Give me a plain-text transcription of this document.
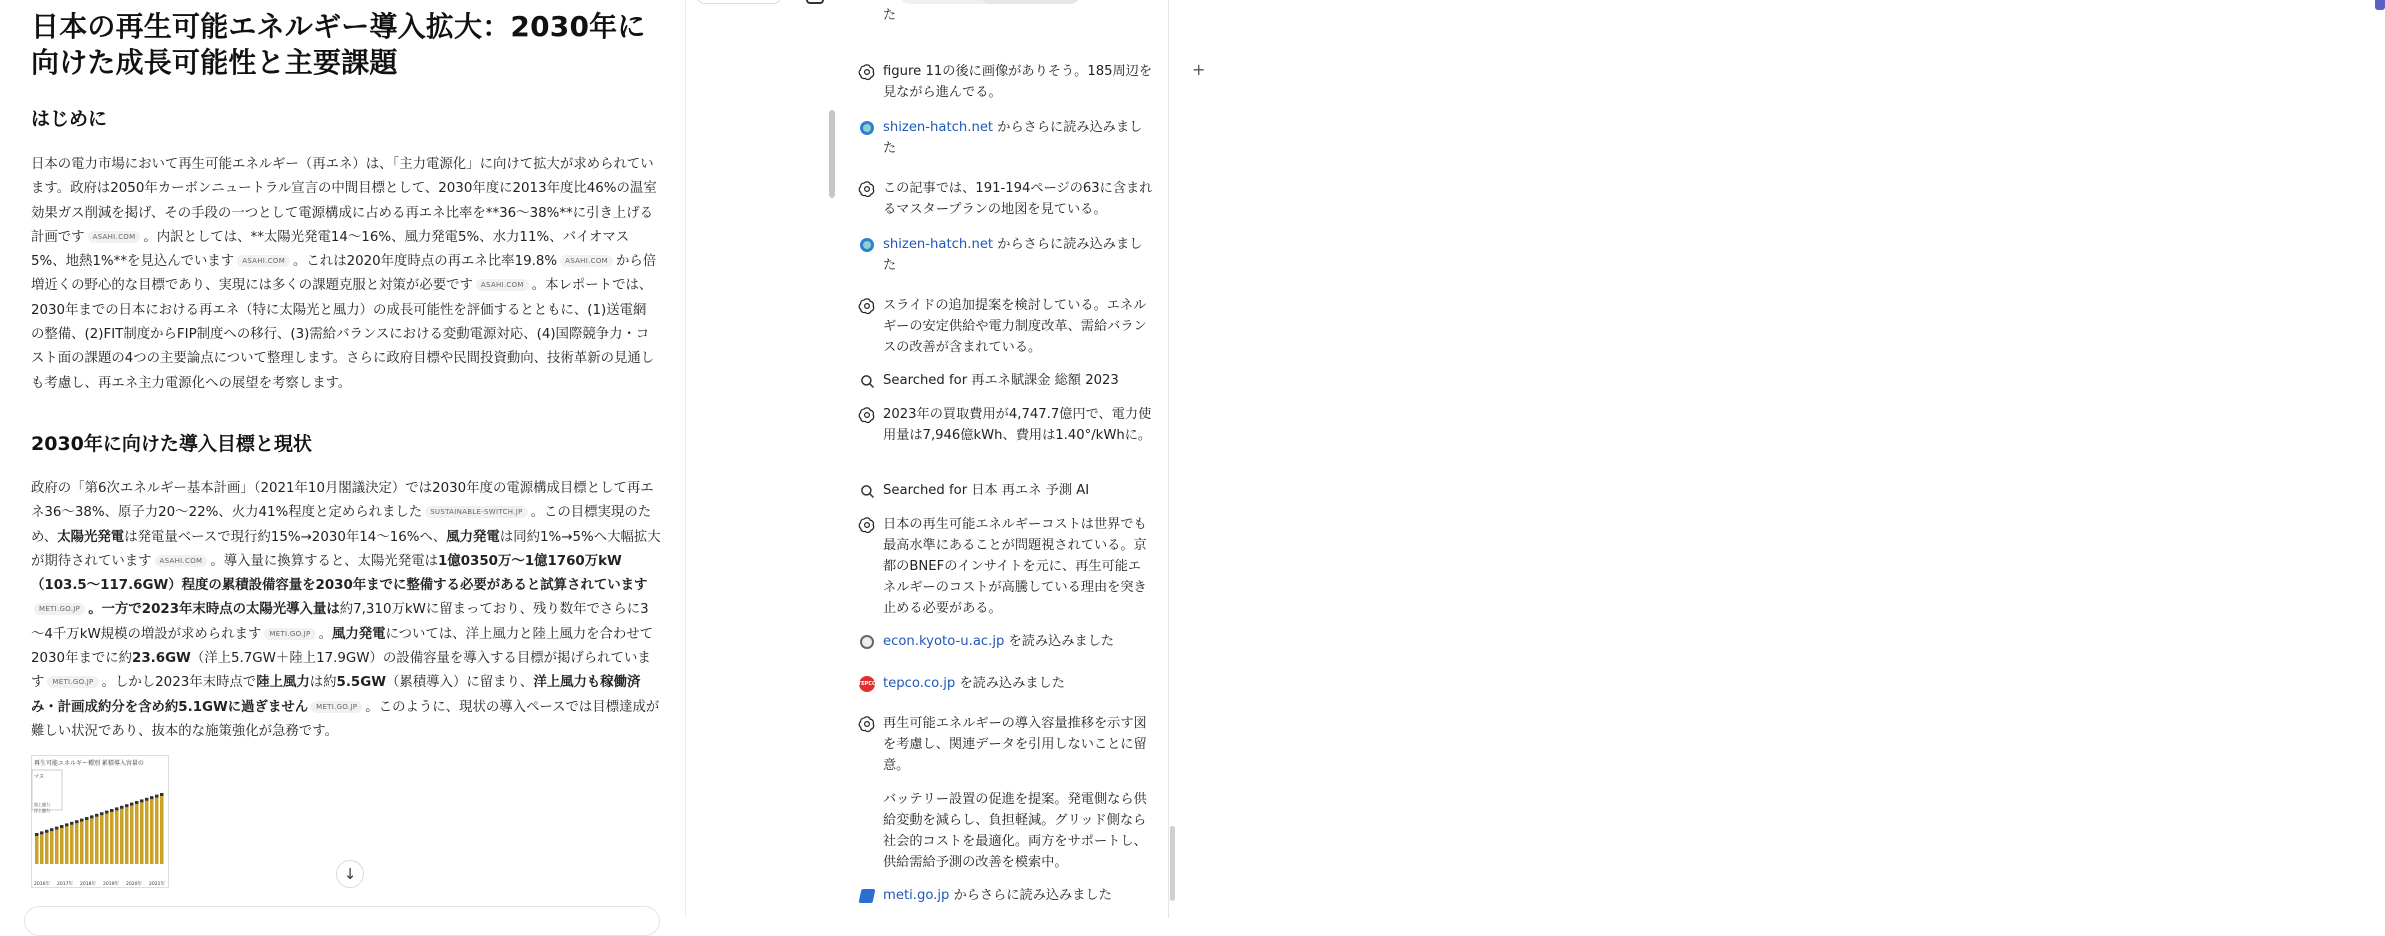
日本の再生可能エネルギー導入拡大：2030年に向けた成長可能性と主要課題
はじめに
日本の電力市場において再生可能エネルギー（再エネ）は、「主力電源化」に向けて拡大が求められています。政府は2050年カーボンニュートラル宣言の中間目標として、2030年度に2013年度比46%の温室効果ガス削減を掲げ、その手段の一つとして電源構成に占める再エネ比率を**36～38%**に引き上げる計画です ASAHI.COM 。内訳としては、**太陽光発電14～16%、風力発電5%、水力11%、バイオマス5%、地熱1%**を見込んでいます ASAHI.COM 。これは2020年度時点の再エネ比率19.8% ASAHI.COM から倍増近くの野心的な目標であり、実現には多くの課題克服と対策が必要です ASAHI.COM 。本レポートでは、2030年までの日本における再エネ（特に太陽光と風力）の成長可能性を評価するとともに、(1)送電網の整備、(2)FIT制度からFIP制度への移行、(3)需給バランスにおける変動電源対応、(4)国際競争力・コスト面の課題の4つの主要論点について整理します。さらに政府目標や民間投資動向、技術革新の見通しも考慮し、再エネ主力電源化への展望を考察します。
2030年に向けた導入目標と現状
政府の「第6次エネルギー基本計画」（2021年10月閣議決定）では2030年度の電源構成目標として再エネ36～38%、原子力20～22%、火力41%程度と定められました SUSTAINABLE-SWITCH.JP 。この目標実現のため、太陽光発電は発電量ベースで現行約15%→2030年14～16%へ、風力発電は同約1%→5%へ大幅拡大が期待されています ASAHI.COM 。導入量に換算すると、太陽光発電は1億0350万～1億1760万kW（103.5～117.6GW）程度の累積設備容量を2030年までに整備する必要があると試算されていますMETI.GO.JP 。一方で2023年末時点の太陽光導入量は約7,310万kWに留まっており、残り数年でさらに3～4千万kW規模の増設が求められます METI.GO.JP 。風力発電については、洋上風力と陸上風力を合わせて2030年までに約23.6GW（洋上5.7GW＋陸上17.9GW）の設備容量を導入する目標が掲げられています METI.GO.JP 。しかし2023年末時点で陸上風力は約5.5GW（累積導入）に留まり、洋上風力も稼働済み・計画成約分を含め約5.1GWに過ぎません METI.GO.JP 。このように、現状の導入ペースでは目標達成が難しい状況であり、抜本的な施策強化が急務です。
再生可能エネルギー種別 累積導入容量の
マス
陸上風力
洋上風力
2016年 2017年 2018年 2019年 2020年 2021年
↓
た
figure 11の後に画像がありそう。185周辺を見ながら進んでる。
shizen-hatch.net からさらに読み込みました
この記事では、191-194ページの63に含まれるマスタープランの地図を見ている。
shizen-hatch.net からさらに読み込みました
スライドの追加提案を検討している。エネルギーの安定供給や電力制度改革、需給バランスの改善が含まれている。
Searched for 再エネ賦課金 総額 2023
2023年の買取費用が4,747.7億円で、電力使用量は7,946億kWh、費用は1.40°/kWhに。
Searched for 日本 再エネ 予測 AI
日本の再生可能エネルギーコストは世界でも最高水準にあることが問題視されている。京都のBNEFのインサイトを元に、再生可能エネルギーのコストが高騰している理由を突き止める必要がある。
econ.kyoto-u.ac.jp を読み込みました
TEPCO tepco.co.jp を読み込みました
再生可能エネルギーの導入容量推移を示す図を考慮し、関連データを引用しないことに留意。
バッテリー設置の促進を提案。発電側なら供給変動を減らし、負担軽減。グリッド側なら社会的コストを最適化。両方をサポートし、供給需給予測の改善を模索中。
meti.go.jp からさらに読み込みました
+
